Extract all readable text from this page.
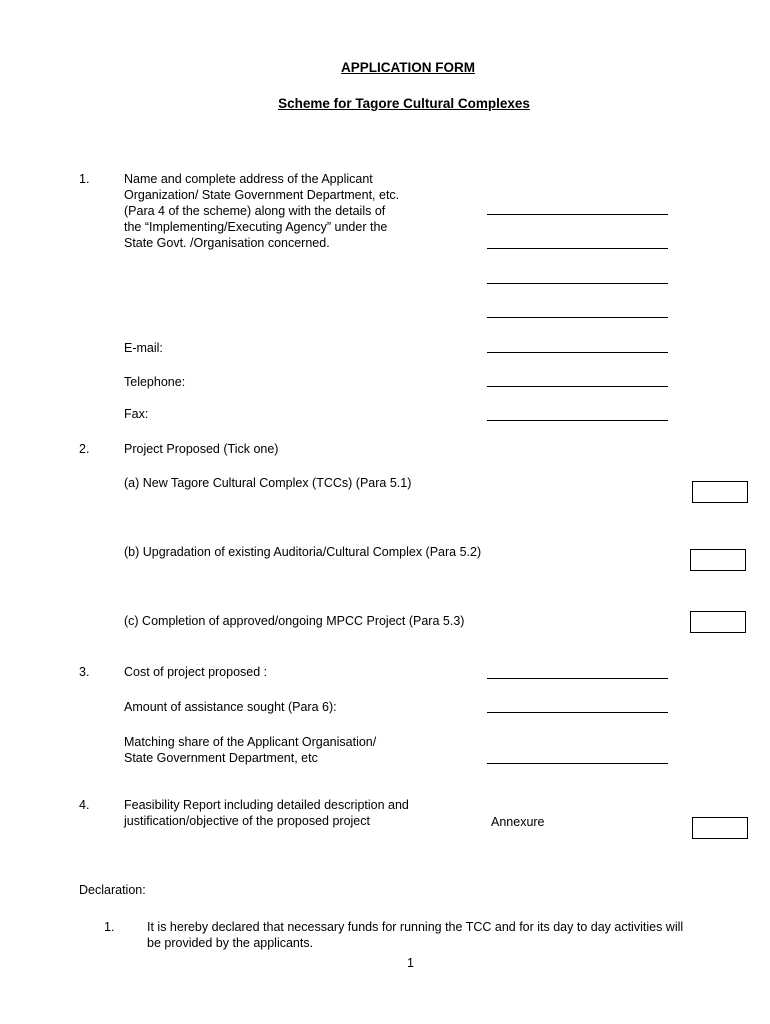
APPLICATION FORM
Scheme for Tagore Cultural Complexes
1.	Name and complete address of the Applicant
Organization/ State Government Department, etc.
(Para 4 of the scheme) along with the details of
the “Implementing/Executing Agency” under the
State Govt. /Organisation concerned.
E-mail:
Telephone:
Fax:
2.	Project Proposed (Tick one)
(a) New Tagore Cultural Complex (TCCs) (Para 5.1)
(b) Upgradation of existing Auditoria/Cultural Complex (Para 5.2)
(c) Completion of approved/ongoing MPCC Project (Para 5.3)
3.	Cost of project proposed :
Amount of assistance sought (Para 6):
Matching share of the Applicant Organisation/
State Government Department, etc
4.	Feasibility Report including detailed description and
justification/objective of the proposed project	Annexure
Declaration:
1.	It is hereby declared that necessary funds for running the TCC and for its day to day activities will
be provided by the applicants.
1
